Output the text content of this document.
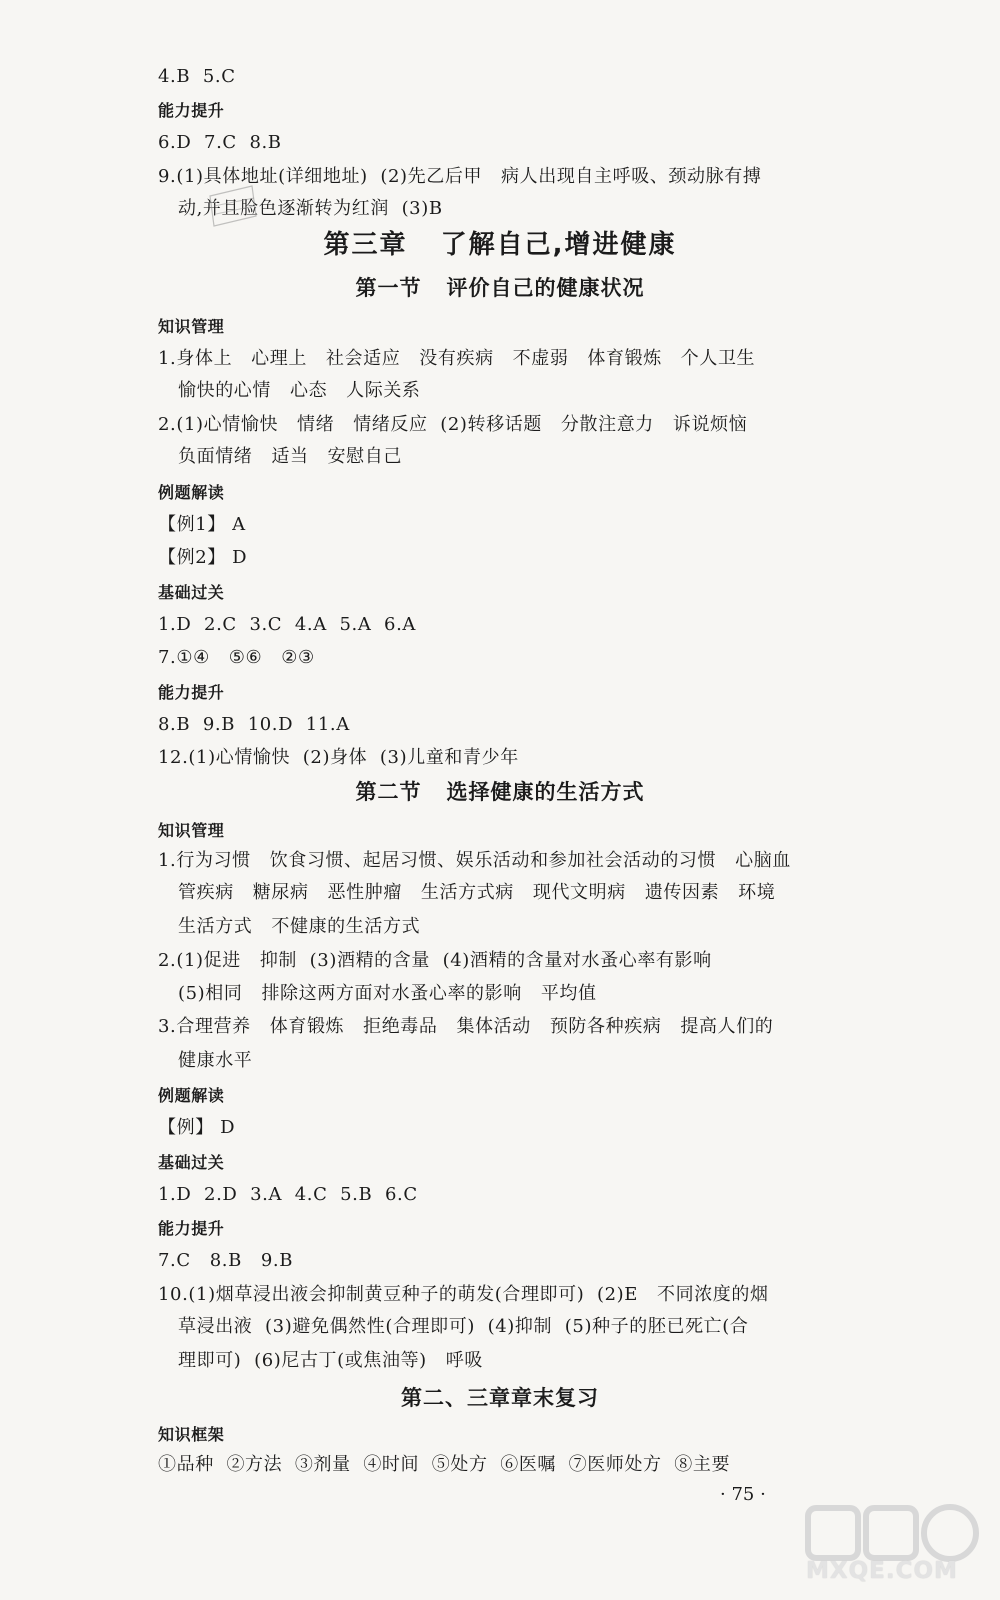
4.B  5.C
能力提升
6.D  7.C  8.B
9.(1)具体地址(详细地址)  (2)先乙后甲   病人出现自主呼吸、颈动脉有搏
动,并且脸色逐渐转为红润  (3)B
第三章   了解自己,增进健康
第一节   评价自己的健康状况
知识管理
1.身体上   心理上   社会适应   没有疾病   不虚弱   体育锻炼   个人卫生
愉快的心情   心态   人际关系
2.(1)心情愉快   情绪   情绪反应  (2)转移话题   分散注意力   诉说烦恼
负面情绪   适当   安慰自己
例题解读
【例1】 A
【例2】 D
基础过关
1.D  2.C  3.C  4.A  5.A  6.A
7.①④   ⑤⑥   ②③
能力提升
8.B  9.B  10.D  11.A
12.(1)心情愉快  (2)身体  (3)儿童和青少年
第二节   选择健康的生活方式
知识管理
1.行为习惯   饮食习惯、起居习惯、娱乐活动和参加社会活动的习惯   心脑血
管疾病   糖尿病   恶性肿瘤   生活方式病   现代文明病   遗传因素   环境
生活方式   不健康的生活方式
2.(1)促进   抑制  (3)酒精的含量  (4)酒精的含量对水蚤心率有影响
(5)相同   排除这两方面对水蚤心率的影响   平均值
3.合理营养   体育锻炼   拒绝毒品   集体活动   预防各种疾病   提高人们的
健康水平
例题解读
【例】 D
基础过关
1.D  2.D  3.A  4.C  5.B  6.C
能力提升
7.C   8.B   9.B
10.(1)烟草浸出液会抑制黄豆种子的萌发(合理即可)  (2)E   不同浓度的烟
草浸出液  (3)避免偶然性(合理即可)  (4)抑制  (5)种子的胚已死亡(合
理即可)  (6)尼古丁(或焦油等)   呼吸
第二、三章章末复习
知识框架
①品种  ②方法  ③剂量  ④时间  ⑤处方  ⑥医嘱  ⑦医师处方  ⑧主要
· 75 ·
MXQE.COM
